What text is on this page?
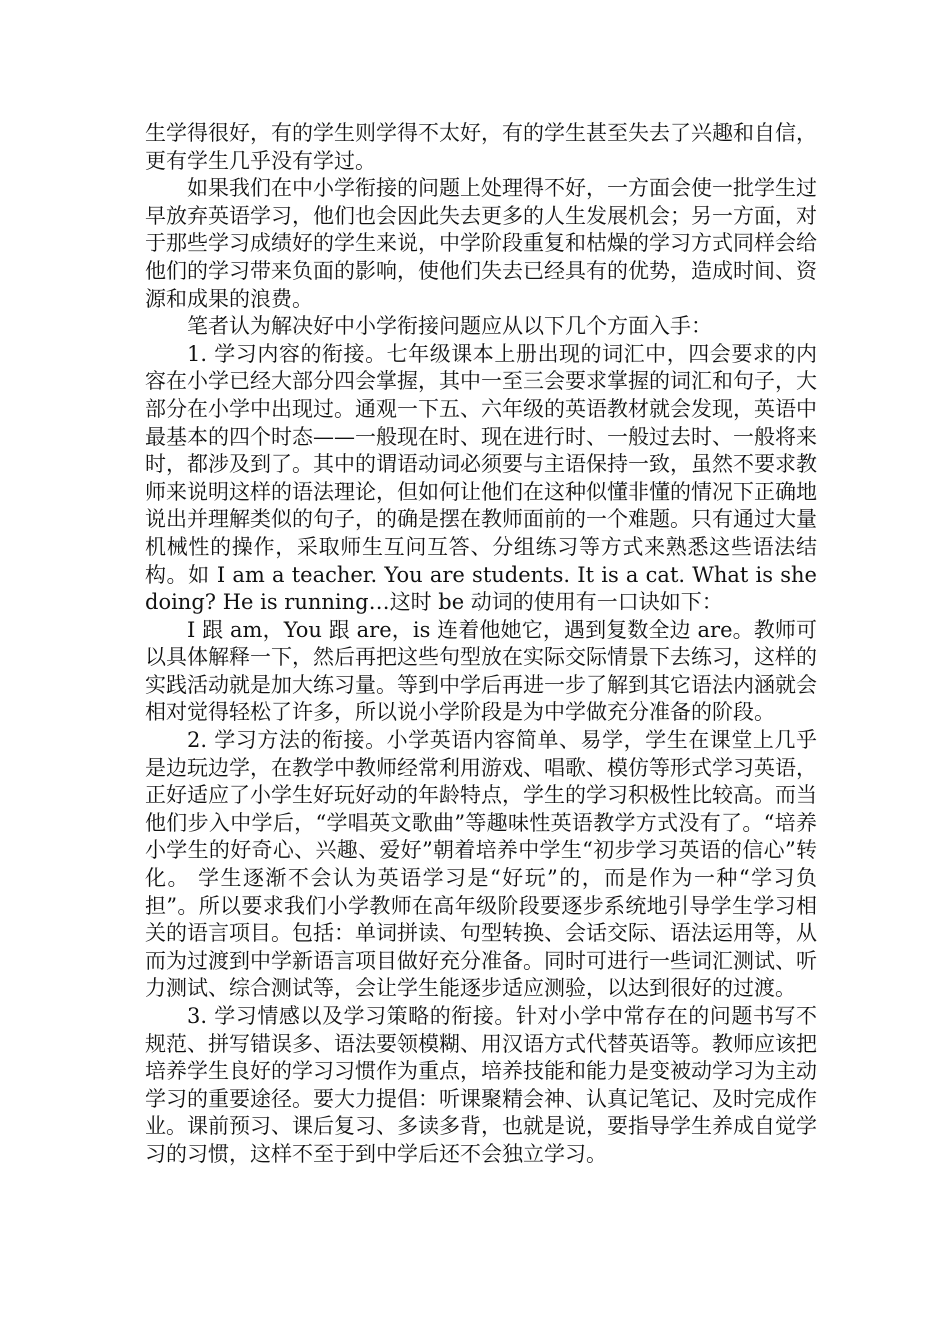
生学得很好，有的学生则学得不太好，有的学生甚至失去了兴趣和自信，更有学生几乎没有学过。

如果我们在中小学衔接的问题上处理得不好，一方面会使一批学生过早放弃英语学习，他们也会因此失去更多的人生发展机会；另一方面，对于那些学习成绩好的学生来说，中学阶段重复和枯燥的学习方式同样会给他们的学习带来负面的影响，使他们失去已经具有的优势，造成时间、资源和成果的浪费。

笔者认为解决好中小学衔接问题应从以下几个方面入手：

1. 学习内容的衔接。七年级课本上册出现的词汇中，四会要求的内容在小学已经大部分四会掌握，其中一至三会要求掌握的词汇和句子，大部分在小学中出现过。通观一下五、六年级的英语教材就会发现，英语中最基本的四个时态——一般现在时、现在进行时、一般过去时、一般将来时，都涉及到了。其中的谓语动词必须要与主语保持一致，虽然不要求教师来说明这样的语法理论，但如何让他们在这种似懂非懂的情况下正确地说出并理解类似的句子，的确是摆在教师面前的一个难题。只有通过大量机械性的操作，采取师生互问互答、分组练习等方式来熟悉这些语法结构。如 I am a teacher. You are students. It is a cat. What is she doing? He is running…这时 be 动词的使用有一口诀如下：

I 跟 am，You 跟 are，is 连着他她它，遇到复数全边 are。教师可以具体解释一下，然后再把这些句型放在实际交际情景下去练习，这样的实践活动就是加大练习量。等到中学后再进一步了解到其它语法内涵就会相对觉得轻松了许多，所以说小学阶段是为中学做充分准备的阶段。

2. 学习方法的衔接。小学英语内容简单、易学，学生在课堂上几乎是边玩边学，在教学中教师经常利用游戏、唱歌、模仿等形式学习英语，正好适应了小学生好玩好动的年龄特点，学生的学习积极性比较高。而当他们步入中学后，“学唱英文歌曲”等趣味性英语教学方式没有了。“培养小学生的好奇心、兴趣、爱好”朝着培养中学生“初步学习英语的信心”转化。 学生逐渐不会认为英语学习是“好玩”的，而是作为一种“学习负担”。所以要求我们小学教师在高年级阶段要逐步系统地引导学生学习相关的语言项目。包括：单词拼读、句型转换、会话交际、语法运用等，从而为过渡到中学新语言项目做好充分准备。同时可进行一些词汇测试、听力测试、综合测试等，会让学生能逐步适应测验，以达到很好的过渡。

3. 学习情感以及学习策略的衔接。针对小学中常存在的问题书写不规范、拼写错误多、语法要领模糊、用汉语方式代替英语等。教师应该把培养学生良好的学习习惯作为重点，培养技能和能力是变被动学习为主动学习的重要途径。要大力提倡：听课聚精会神、认真记笔记、及时完成作业。课前预习、课后复习、多读多背，也就是说，要指导学生养成自觉学习的习惯，这样不至于到中学后还不会独立学习。
